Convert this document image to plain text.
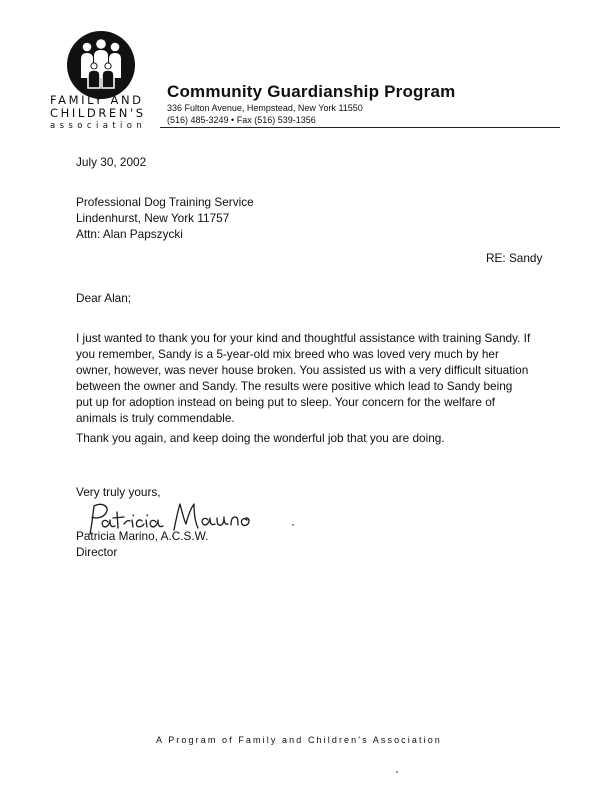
FAMILY AND
CHILDREN'S
association
Community Guardianship Program
336 Fulton Avenue, Hempstead, New York 11550
(516) 485-3249 • Fax (516) 539-1356
July 30, 2002
Professional Dog Training Service
Lindenhurst, New York 11757
Attn: Alan Papszycki
RE: Sandy
Dear Alan;
I just wanted to thank you for your kind and thoughtful assistance with training Sandy. If
you remember, Sandy is a 5-year-old mix breed who was loved very much by her
owner, however, was never house broken. You assisted us with a very difficult situation
between the owner and Sandy. The results were positive which lead to Sandy being
put up for adoption instead on being put to sleep. Your concern for the welfare of
animals is truly commendable.
Thank you again, and keep doing the wonderful job that you are doing.
Very truly yours,
Patricia Marino, A.C.S.W.
Director
A Program of Family and Children's Association
